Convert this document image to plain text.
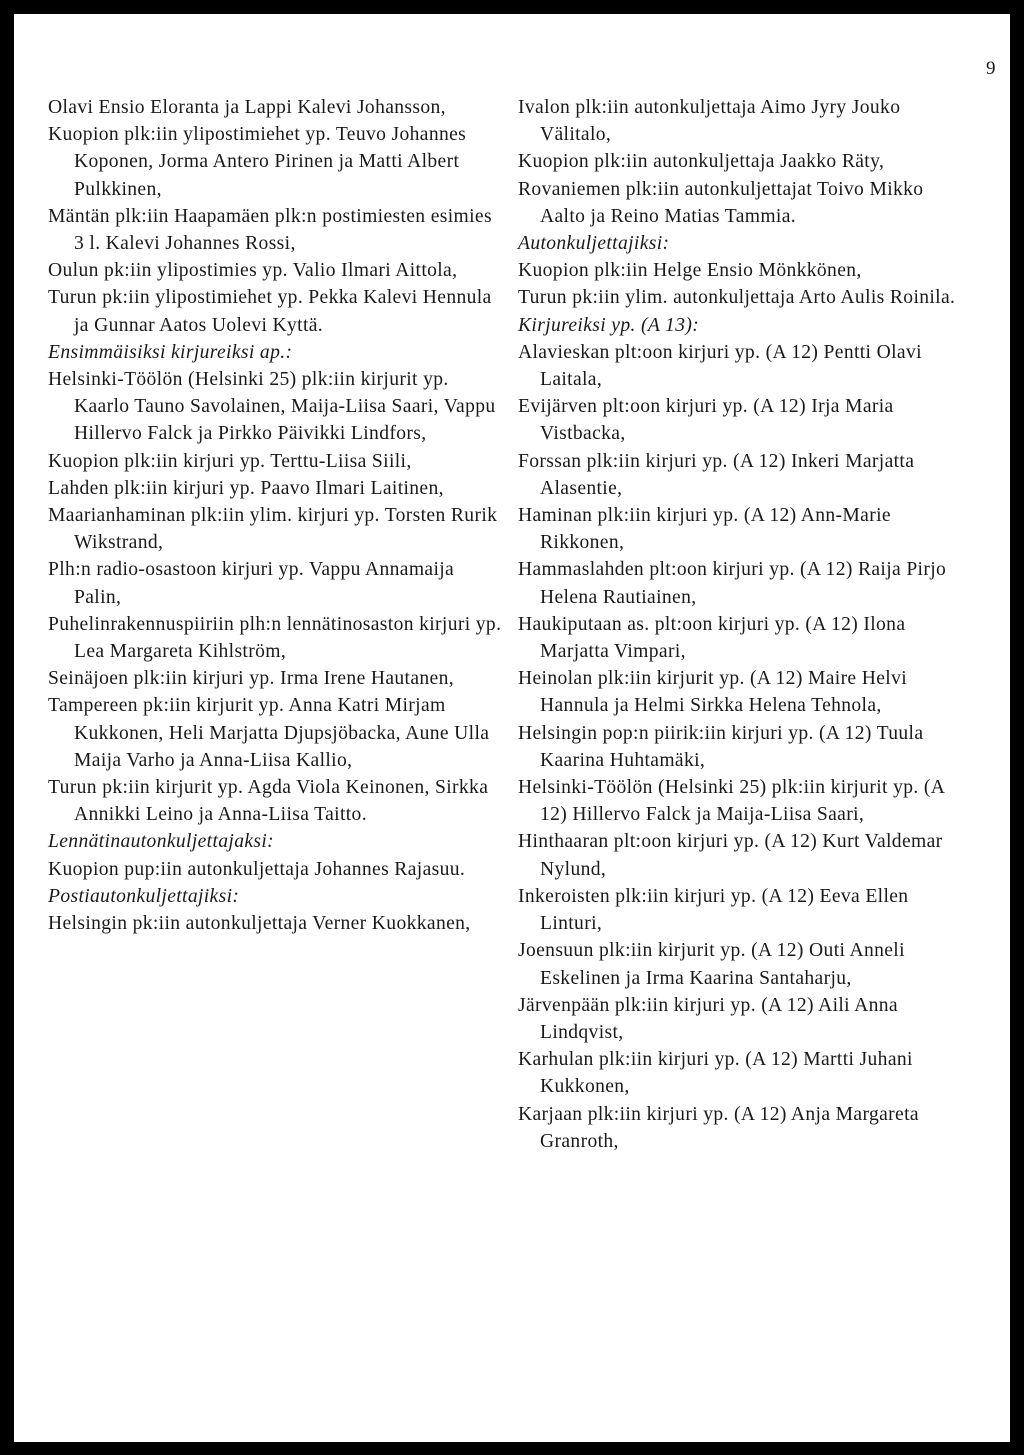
9

Olavi Ensio Eloranta ja Lappi Kalevi Johansson,

Kuopion plk:iin ylipostimiehet yp. Teuvo Johannes Koponen, Jorma Antero Pirinen ja Matti Albert Pulkkinen,

Mäntän plk:iin Haapamäen plk:n postimiesten esimies 3 l. Kalevi Johannes Rossi,

Oulun pk:iin ylipostimies yp. Valio Ilmari Aittola,

Turun pk:iin ylipostimiehet yp. Pekka Kalevi Hennula ja Gunnar Aatos Uolevi Kyttä.

Ensimmäisiksi kirjureiksi ap.:

Helsinki-Töölön (Helsinki 25) plk:iin kirjurit yp. Kaarlo Tauno Savolainen, Maija-Liisa Saari, Vappu Hillervo Falck ja Pirkko Päivikki Lindfors,

Kuopion plk:iin kirjuri yp. Terttu-Liisa Siili,

Lahden plk:iin kirjuri yp. Paavo Ilmari Laitinen,

Maarianhaminan plk:iin ylim. kirjuri yp. Torsten Rurik Wikstrand,

Plh:n radio-osastoon kirjuri yp. Vappu Annamaija Palin,

Puhelinrakennuspiiriin plh:n lennätinosaston kirjuri yp. Lea Margareta Kihlström,

Seinäjoen plk:iin kirjuri yp. Irma Irene Hautanen,

Tampereen pk:iin kirjurit yp. Anna Katri Mirjam Kukkonen, Heli Marjatta Djupsjöbacka, Aune Ulla Maija Varho ja Anna-Liisa Kallio,

Turun pk:iin kirjurit yp. Agda Viola Keinonen, Sirkka Annikki Leino ja Anna-Liisa Taitto.

Lennätinautonkuljettajaksi:

Kuopion pup:iin autonkuljettaja Johannes Rajasuu.

Postiautonkuljettajiksi:

Helsingin pk:iin autonkuljettaja Verner Kuokkanen,

Ivalon plk:iin autonkuljettaja Aimo Jyry Jouko Välitalo,

Kuopion plk:iin autonkuljettaja Jaakko Räty,

Rovaniemen plk:iin autonkuljettajat Toivo Mikko Aalto ja Reino Matias Tammia.

Autonkuljettajiksi:

Kuopion plk:iin Helge Ensio Mönkkönen,

Turun pk:iin ylim. autonkuljettaja Arto Aulis Roinila.

Kirjureiksi yp. (A 13):

Alavieskan plt:oon kirjuri yp. (A 12) Pentti Olavi Laitala,

Evijärven plt:oon kirjuri yp. (A 12) Irja Maria Vistbacka,

Forssan plk:iin kirjuri yp. (A 12) Inkeri Marjatta Alasentie,

Haminan plk:iin kirjuri yp. (A 12) Ann-Marie Rikkonen,

Hammaslahden plt:oon kirjuri yp. (A 12) Raija Pirjo Helena Rautiainen,

Haukiputaan as. plt:oon kirjuri yp. (A 12) Ilona Marjatta Vimpari,

Heinolan plk:iin kirjurit yp. (A 12) Maire Helvi Hannula ja Helmi Sirkka Helena Tehnola,

Helsingin pop:n piirik:iin kirjuri yp. (A 12) Tuula Kaarina Huhtamäki,

Helsinki-Töölön (Helsinki 25) plk:iin kirjurit yp. (A 12) Hillervo Falck ja Maija-Liisa Saari,

Hinthaaran plt:oon kirjuri yp. (A 12) Kurt Valdemar Nylund,

Inkeroisten plk:iin kirjuri yp. (A 12) Eeva Ellen Linturi,

Joensuun plk:iin kirjurit yp. (A 12) Outi Anneli Eskelinen ja Irma Kaarina Santaharju,

Järvenpään plk:iin kirjuri yp. (A 12) Aili Anna Lindqvist,

Karhulan plk:iin kirjuri yp. (A 12) Martti Juhani Kukkonen,

Karjaan plk:iin kirjuri yp. (A 12) Anja Margareta Granroth,
